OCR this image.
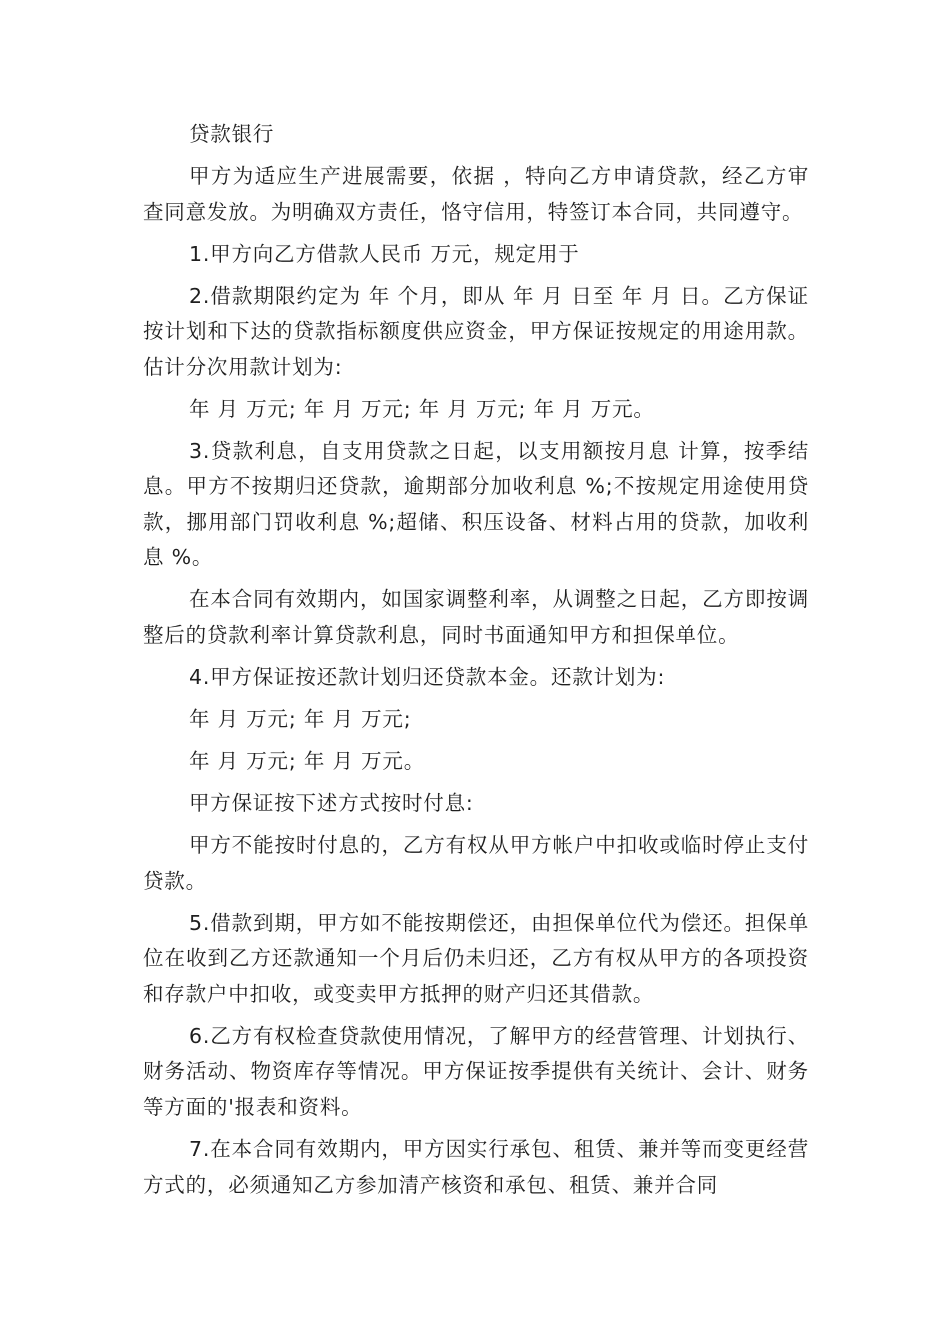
贷款银行

甲方为适应生产进展需要，依据 ，特向乙方申请贷款，经乙方审查同意发放。为明确双方责任，恪守信用，特签订本合同，共同遵守。

1.甲方向乙方借款人民币 万元，规定用于

2.借款期限约定为 年 个月，即从 年 月 日至 年 月 日。乙方保证按计划和下达的贷款指标额度供应资金，甲方保证按规定的用途用款。估计分次用款计划为:

年 月 万元; 年 月 万元; 年 月 万元; 年 月 万元。

3.贷款利息，自支用贷款之日起，以支用额按月息 计算，按季结息。甲方不按期归还贷款，逾期部分加收利息 %;不按规定用途使用贷款，挪用部门罚收利息 %;超储、积压设备、材料占用的贷款，加收利息 %。

在本合同有效期内，如国家调整利率，从调整之日起，乙方即按调整后的贷款利率计算贷款利息，同时书面通知甲方和担保单位。

4.甲方保证按还款计划归还贷款本金。还款计划为:

年 月 万元; 年 月 万元;

年 月 万元; 年 月 万元。

甲方保证按下述方式按时付息:

甲方不能按时付息的，乙方有权从甲方帐户中扣收或临时停止支付贷款。

5.借款到期，甲方如不能按期偿还，由担保单位代为偿还。担保单位在收到乙方还款通知一个月后仍未归还，乙方有权从甲方的各项投资和存款户中扣收，或变卖甲方抵押的财产归还其借款。

6.乙方有权检查贷款使用情况，了解甲方的经营管理、计划执行、财务活动、物资库存等情况。甲方保证按季提供有关统计、会计、财务等方面的'报表和资料。

7.在本合同有效期内，甲方因实行承包、租赁、兼并等而变更经营方式的，必须通知乙方参加清产核资和承包、租赁、兼并合同
